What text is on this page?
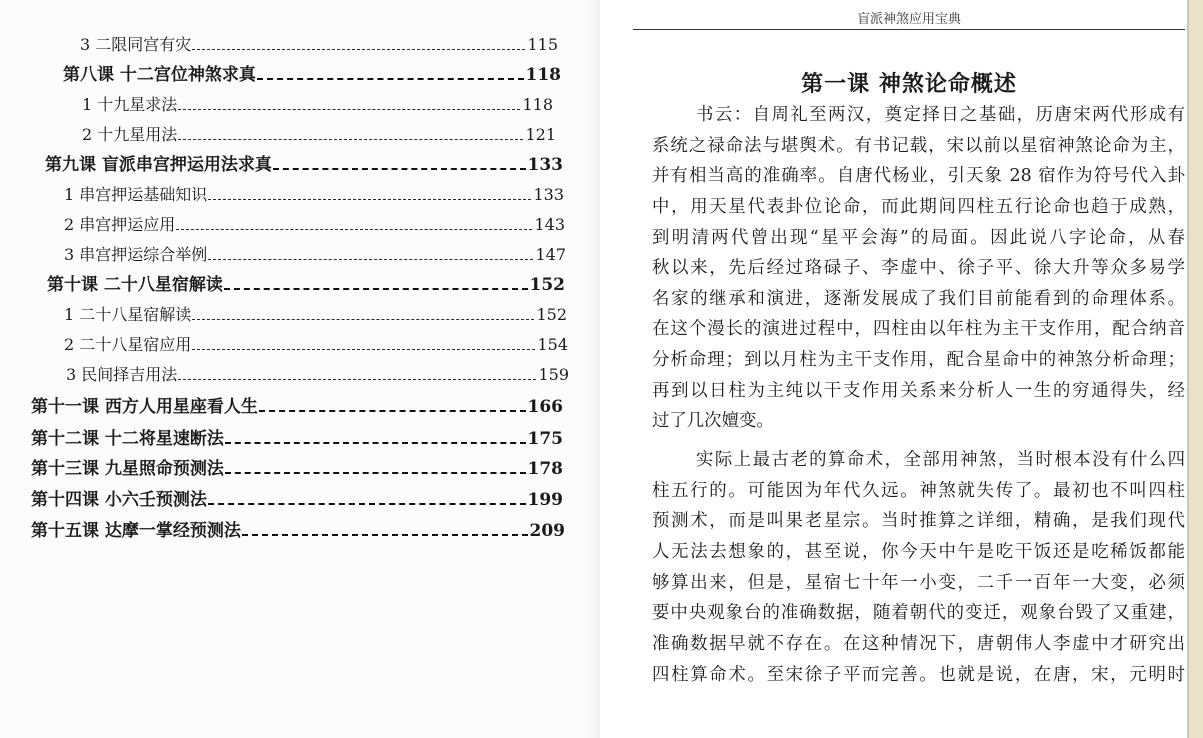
3 二限同宫有灾	115
第八课 十二宫位神煞求真	118
1 十九星求法	118
2 十九星用法	121
第九课 盲派串宫押运用法求真	133
1 串宫押运基础知识	133
2 串宫押运应用	143
3 串宫押运综合举例	147
第十课 二十八星宿解读	152
1 二十八星宿解读	152
2 二十八星宿应用	154
3 民间择吉用法	159
第十一课 西方人用星座看人生	166
第十二课 十二将星速断法	175
第十三课 九星照命预测法	178
第十四课 小六壬预测法	199
第十五课 达摩一掌经预测法	209
盲派神煞应用宝典
第一课 神煞论命概述
书云：自周礼至两汉，奠定择日之基础，历唐宋两代形成有
系统之禄命法与堪舆术。有书记载，宋以前以星宿神煞论命为主，
并有相当高的准确率。自唐代杨业，引天象 28 宿作为符号代入卦
中，用天星代表卦位论命，而此期间四柱五行论命也趋于成熟，
到明清两代曾出现“星平会海”的局面。因此说八字论命，从春
秋以来，先后经过珞碌子、李虚中、徐子平、徐大升等众多易学
名家的继承和演进，逐渐发展成了我们目前能看到的命理体系。
在这个漫长的演进过程中，四柱由以年柱为主干支作用，配合纳音
分析命理；到以月柱为主干支作用，配合星命中的神煞分析命理；
再到以日柱为主纯以干支作用关系来分析人一生的穷通得失，经
过了几次嬗变。
实际上最古老的算命术，全部用神煞，当时根本没有什么四
柱五行的。可能因为年代久远。神煞就失传了。最初也不叫四柱
预测术，而是叫果老星宗。当时推算之详细，精确，是我们现代
人无法去想象的，甚至说，你今天中午是吃干饭还是吃稀饭都能
够算出来，但是，星宿七十年一小变，二千一百年一大变，必须
要中央观象台的准确数据，随着朝代的变迁，观象台毁了又重建，
准确数据早就不存在。在这种情况下，唐朝伟人李虚中才研究出
四柱算命术。至宋徐子平而完善。也就是说，在唐，宋，元明时
